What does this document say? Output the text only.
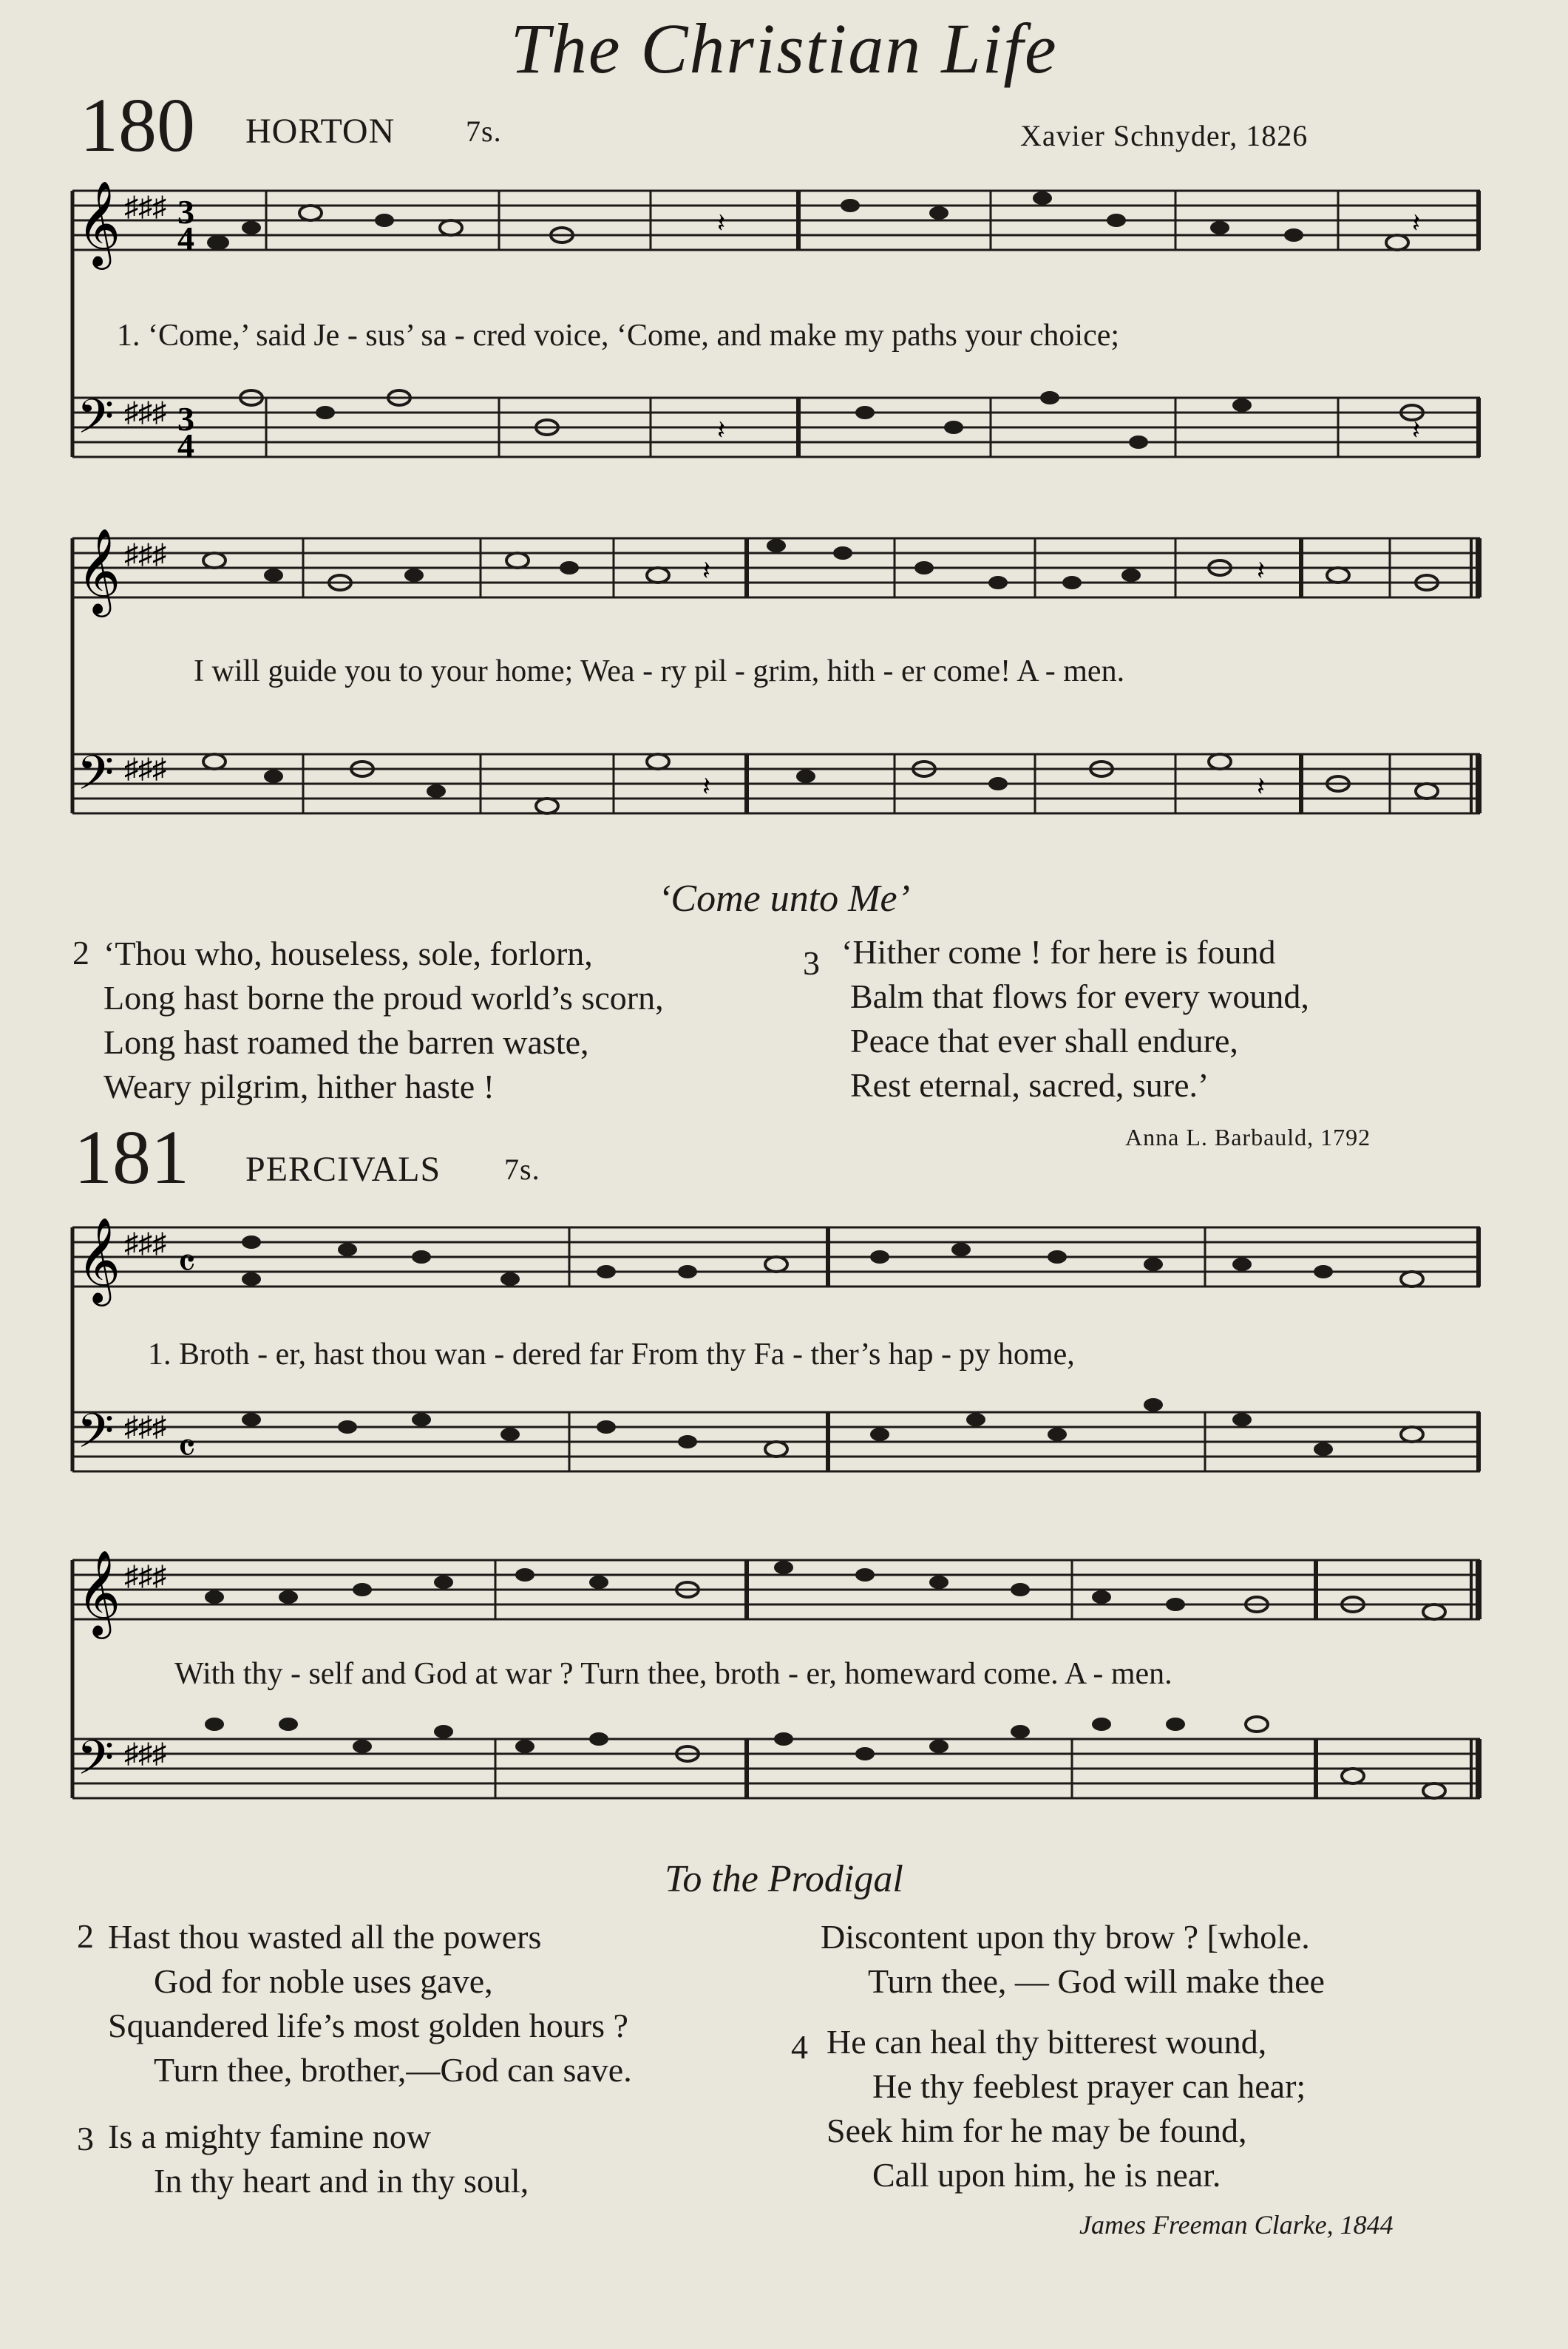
The Christian Life
180 HORTON 7s.	Xavier Schnyder, 1826
𝄞
𝄢
♯♯♯
♯♯♯
3
4
3
4
𝄽	𝄽
𝄽	𝄽
1. ‘Come,’ said Je - sus’ sa - cred voice, ‘Come, and make my paths your choice;
𝄞
𝄢
♯♯♯
♯♯♯
𝄽	𝄽
𝄽	𝄽
I will guide you to your home; Wea - ry pil - grim, hith - er come! A - men.
‘Come unto Me’
2 ‘Thou who, houseless, sole, forlorn,
Long hast borne the proud world’s scorn,
Long hast roamed the barren waste,
Weary pilgrim, hither haste !
3 ‘Hither come ! for here is found
Balm that flows for every wound,
Peace that ever shall endure,
Rest eternal, sacred, sure.’
Anna L. Barbauld, 1792
181 PERCIVALS 7s.
𝄞
𝄢
♯♯♯
♯♯♯
𝄴
𝄴
1. Broth - er, hast thou wan - dered far From thy Fa - ther’s hap - py home,
𝄞
𝄢
♯♯♯
♯♯♯
With thy - self and God at war ? Turn thee, broth - er, homeward come. A - men.
To the Prodigal
2 Hast thou wasted all the powers
God for noble uses gave,
Squandered life’s most golden hours ?
Turn thee, brother,—God can save.
3 Is a mighty famine now
In thy heart and in thy soul,
Discontent upon thy brow ? [whole.
Turn thee, — God will make thee
4 He can heal thy bitterest wound,
He thy feeblest prayer can hear;
Seek him for he may be found,
Call upon him, he is near.
James Freeman Clarke, 1844
